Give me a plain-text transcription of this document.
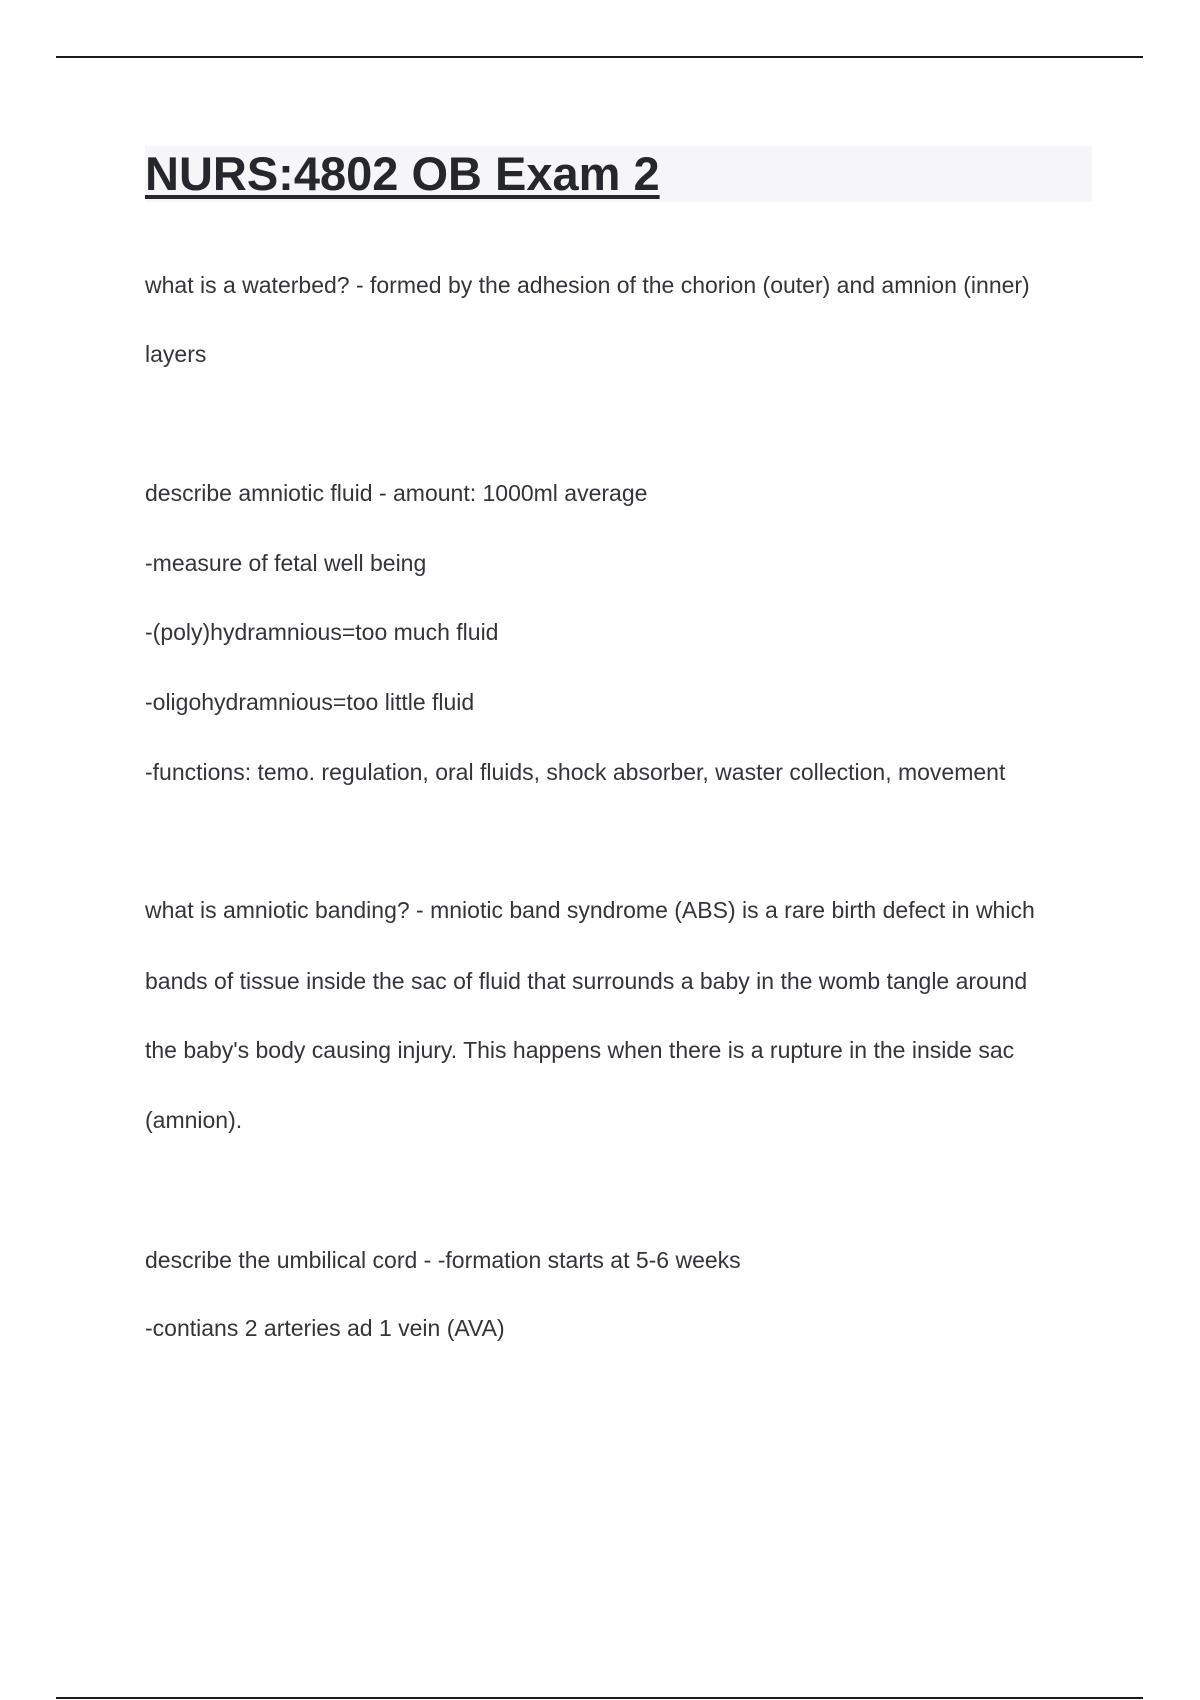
NURS:4802 OB Exam 2

what is a waterbed? - formed by the adhesion of the chorion (outer) and amnion (inner)

layers

describe amniotic fluid - amount: 1000ml average

-measure of fetal well being

-(poly)hydramnious=too much fluid

-oligohydramnious=too little fluid

-functions: temo. regulation, oral fluids, shock absorber, waster collection, movement

what is amniotic banding? - mniotic band syndrome (ABS) is a rare birth defect in which

bands of tissue inside the sac of fluid that surrounds a baby in the womb tangle around

the baby's body causing injury. This happens when there is a rupture in the inside sac

(amnion).

describe the umbilical cord - -formation starts at 5-6 weeks

-contians 2 arteries ad 1 vein (AVA)
